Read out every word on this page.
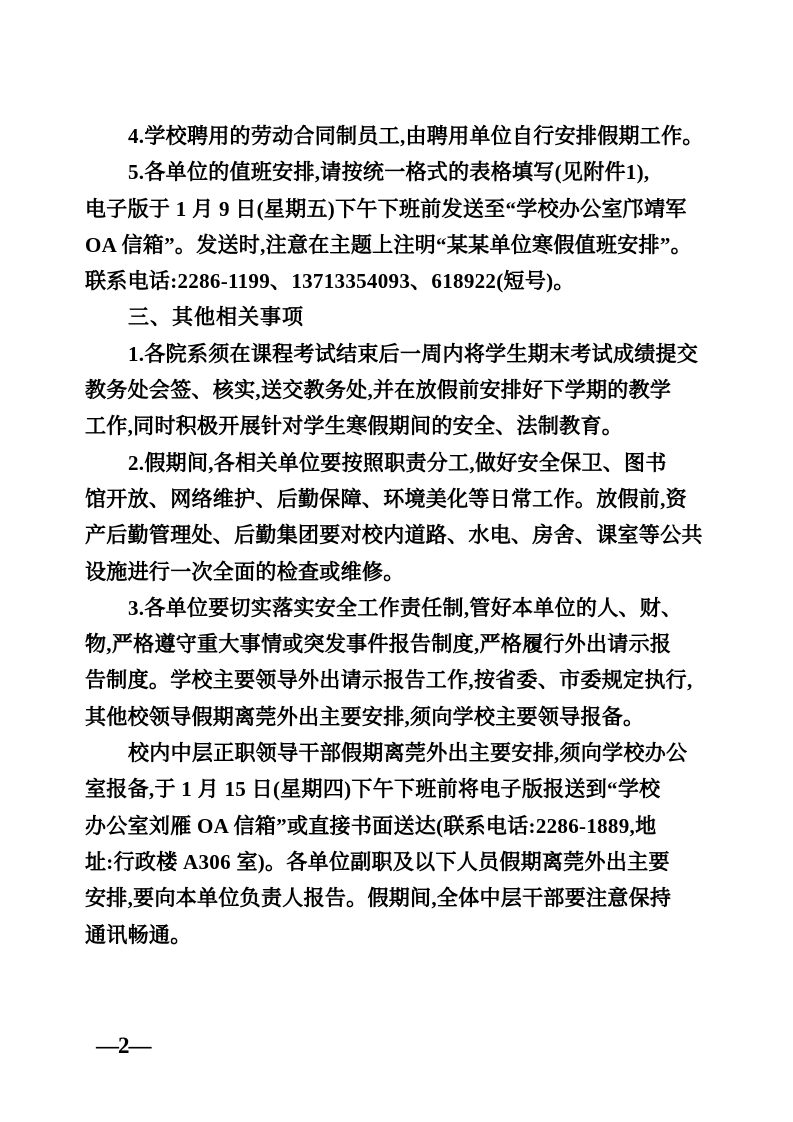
4.学校聘用的劳动合同制员工,由聘用单位自行安排假期工作。
5.各单位的值班安排,请按统一格式的表格填写(见附件1),
电子版于 1 月 9 日(星期五)下午下班前发送至“学校办公室邝靖军
OA 信箱”。发送时,注意在主题上注明“某某单位寒假值班安排”。
联系电话:2286-1199、13713354093、618922(短号)。
三、其他相关事项
1.各院系须在课程考试结束后一周内将学生期末考试成绩提交
教务处会签、核实,送交教务处,并在放假前安排好下学期的教学
工作,同时积极开展针对学生寒假期间的安全、法制教育。
2.假期间,各相关单位要按照职责分工,做好安全保卫、图书
馆开放、网络维护、后勤保障、环境美化等日常工作。放假前,资
产后勤管理处、后勤集团要对校内道路、水电、房舍、课室等公共
设施进行一次全面的检查或维修。
3.各单位要切实落实安全工作责任制,管好本单位的人、财、
物,严格遵守重大事情或突发事件报告制度,严格履行外出请示报
告制度。学校主要领导外出请示报告工作,按省委、市委规定执行,
其他校领导假期离莞外出主要安排,须向学校主要领导报备。
校内中层正职领导干部假期离莞外出主要安排,须向学校办公
室报备,于 1 月 15 日(星期四)下午下班前将电子版报送到“学校
办公室刘雁 OA 信箱”或直接书面送达(联系电话:2286-1889,地
址:行政楼 A306 室)。各单位副职及以下人员假期离莞外出主要
安排,要向本单位负责人报告。假期间,全体中层干部要注意保持
通讯畅通。
—2—
